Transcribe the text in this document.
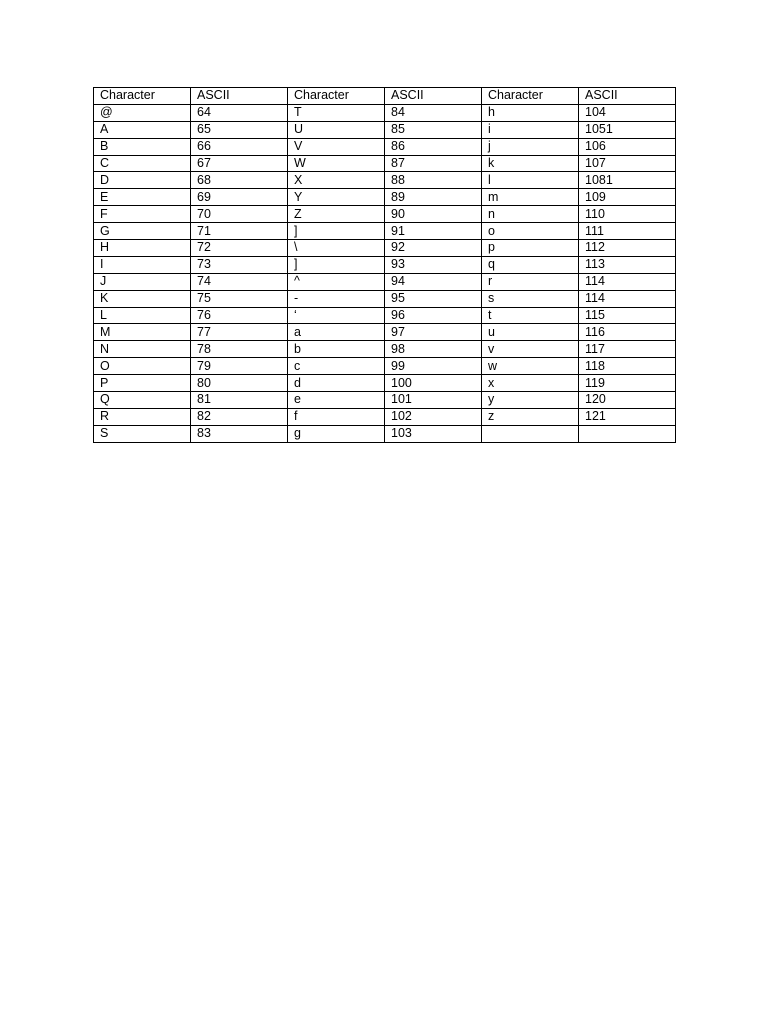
Character	ASCII	Character	ASCII	Character	ASCII
@	64	T	84	h	104
A	65	U	85	i	1051
B	66	V	86	j	106
C	67	W	87	k	107
D	68	X	88	l	1081
E	69	Y	89	m	109
F	70	Z	90	n	110
G	71	]	91	o	111
H	72	\	92	p	112
I	73	]	93	q	113
J	74	^	94	r	114
K	75	-	95	s	114
L	76	‘	96	t	115
M	77	a	97	u	116
N	78	b	98	v	117
O	79	c	99	w	118
P	80	d	100	x	119
Q	81	e	101	y	120
R	82	f	102	z	121
S	83	g	103		
